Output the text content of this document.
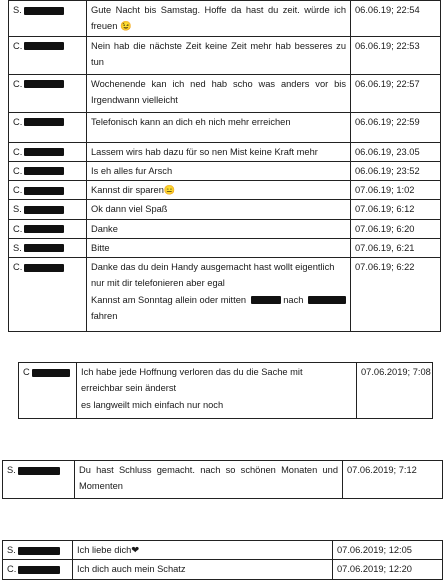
S.	Gute Nacht bis Samstag. Hoffe da hast du zeit. würde ich freuen 😉	06.06.19; 22:54
C.	Nein hab die nächste Zeit keine Zeit mehr hab besseres zu tun	06.06.19; 22:53
C.	Wochenende kan ich ned hab scho was anders vor bis Irgendwann vielleicht	06.06.19; 22:57
C.	Telefonisch kann an dich eh nich mehr erreichen	06.06.19; 22:59
C.	Lassem wirs hab dazu für so nen Mist keine Kraft mehr	06.06.19, 23.05
C.	Is eh alles fur Arsch	06.06.19; 23:52
C.	Kannst dir sparen😑	07.06.19; 1:02
S.	Ok dann viel Spaß	07.06.19; 6:12
C.	Danke	07.06.19; 6:20
S.	Bitte	07.06.19, 6:21
C.	Danke das du dein Handy ausgemacht hast wollt eigentlich
nur mit dir telefonieren aber egal
Kannst am Sonntag allein oder mitten nach
fahren	07.06.19; 6:22
C	Ich habe jede Hoffnung verloren das du die Sache mit
erreichbar sein änderst
es langweilt mich einfach nur noch
	07.06.2019; 7:08
S.	Du hast Schluss gemacht. nach so schönen Monaten und Momenten	07.06.2019; 7:12
S.	Ich liebe dich❤	07.06.2019; 12:05
C.	Ich dich auch mein Schatz	07.06.2019; 12:20
